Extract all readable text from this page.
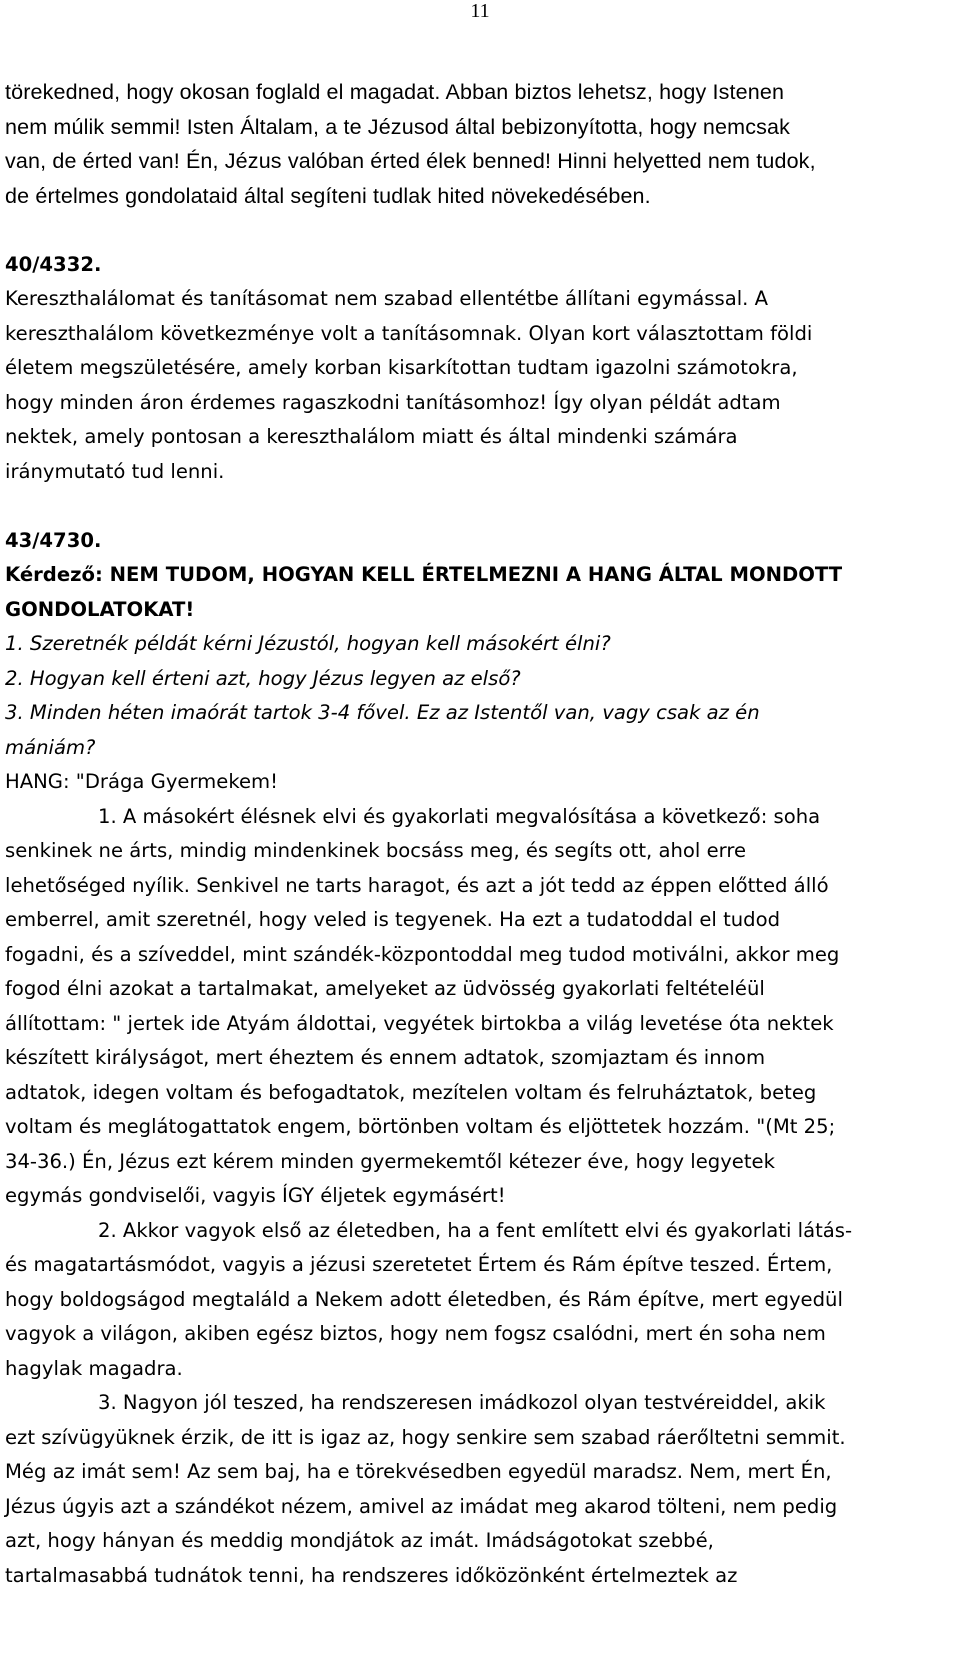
11
törekedned, hogy okosan foglald el magadat. Abban biztos lehetsz, hogy Istenen
nem múlik semmi! Isten Általam, a te Jézusod által bebizonyította, hogy nemcsak
van, de érted van! Én, Jézus valóban érted élek benned! Hinni helyetted nem tudok,
de értelmes gondolataid által segíteni tudlak hited növekedésében.
40/4332.
Kereszthalálomat és tanításomat nem szabad ellentétbe állítani egymással. A
kereszthalálom következménye volt a tanításomnak. Olyan kort választottam földi
életem megszületésére, amely korban kisarkítottan tudtam igazolni számotokra,
hogy minden áron érdemes ragaszkodni tanításomhoz! Így olyan példát adtam
nektek, amely pontosan a kereszthalálom miatt és által mindenki számára
iránymutató tud lenni.
43/4730.
Kérdező: NEM TUDOM, HOGYAN KELL ÉRTELMEZNI A HANG ÁLTAL MONDOTT
GONDOLATOKAT!
1. Szeretnék példát kérni Jézustól, hogyan kell másokért élni?
2. Hogyan kell érteni azt, hogy Jézus legyen az első?
3. Minden héten imaórát tartok 3-4 fővel. Ez az Istentől van, vagy csak az én
mániám?
HANG: "Drága Gyermekem!
1. A másokért élésnek elvi és gyakorlati megvalósítása a következő: soha
senkinek ne árts, mindig mindenkinek bocsáss meg, és segíts ott, ahol erre
lehetőséged nyílik. Senkivel ne tarts haragot, és azt a jót tedd az éppen előtted álló
emberrel, amit szeretnél, hogy veled is tegyenek. Ha ezt a tudatoddal el tudod
fogadni, és a szíveddel, mint szándék-központoddal meg tudod motiválni, akkor meg
fogod élni azokat a tartalmakat, amelyeket az üdvösség gyakorlati feltételéül
állítottam: " jertek ide Atyám áldottai, vegyétek birtokba a világ levetése óta nektek
készített királyságot, mert éheztem és ennem adtatok, szomjaztam és innom
adtatok, idegen voltam és befogadtatok, mezítelen voltam és felruháztatok, beteg
voltam és meglátogattatok engem, börtönben voltam és eljöttetek hozzám. "(Mt 25;
34-36.) Én, Jézus ezt kérem minden gyermekemtől kétezer éve, hogy legyetek
egymás gondviselői, vagyis ÍGY éljetek egymásért!
2. Akkor vagyok első az életedben, ha a fent említett elvi és gyakorlati látás-
és magatartásmódot, vagyis a jézusi szeretetet Értem és Rám építve teszed. Értem,
hogy boldogságod megtaláld a Nekem adott életedben, és Rám építve, mert egyedül
vagyok a világon, akiben egész biztos, hogy nem fogsz csalódni, mert én soha nem
hagylak magadra.
3. Nagyon jól teszed, ha rendszeresen imádkozol olyan testvéreiddel, akik
ezt szívügyüknek érzik, de itt is igaz az, hogy senkire sem szabad ráerőltetni semmit.
Még az imát sem! Az sem baj, ha e törekvésedben egyedül maradsz. Nem, mert Én,
Jézus úgyis azt a szándékot nézem, amivel az imádat meg akarod tölteni, nem pedig
azt, hogy hányan és meddig mondjátok az imát. Imádságotokat szebbé,
tartalmasabbá tudnátok tenni, ha rendszeres időközönként értelmeztek az
